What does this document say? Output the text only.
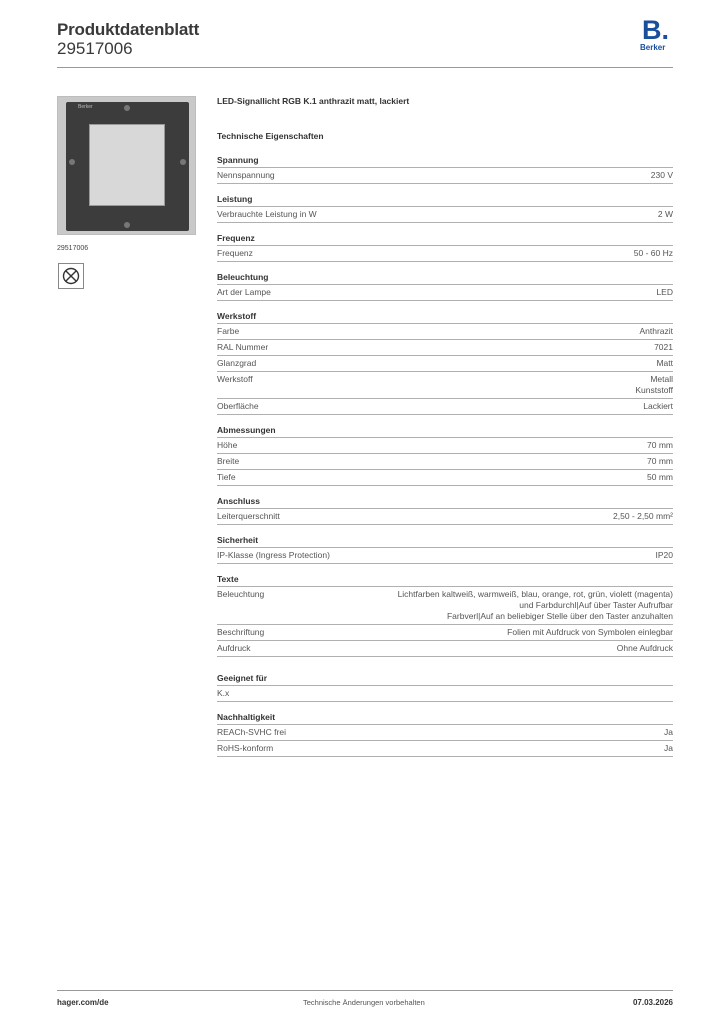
Produktdatenblatt
29517006
B.
Berker
Berker
29517006
LED-Signallicht RGB K.1 anthrazit matt, lackiert
Technische Eigenschaften
Spannung
Nennspannung	230 V
Leistung
Verbrauchte Leistung in W	2 W
Frequenz
Frequenz	50 - 60 Hz
Beleuchtung
Art der Lampe	LED
Werkstoff
Farbe	Anthrazit
RAL Nummer	7021
Glanzgrad	Matt
Werkstoff	Metall
Kunststoff
Oberfläche	Lackiert
Abmessungen
Höhe	70 mm
Breite	70 mm
Tiefe	50 mm
Anschluss
Leiterquerschnitt	2,50 - 2,50 mm²
Sicherheit
IP-Klasse (Ingress Protection)	IP20
Texte
Beleuchtung	Lichtfarben kaltweiß, warmweiß, blau, orange, rot, grün, violett (magenta)
und Farbdurchl|Auf über Taster Aufrufbar
Farbverl|Auf an beliebiger Stelle über den Taster anzuhalten
Beschriftung	Folien mit Aufdruck von Symbolen einlegbar
Aufdruck	Ohne Aufdruck
Geeignet für
K.x
Nachhaltigkeit
REACh-SVHC frei	Ja
RoHS-konform	Ja
hager.com/de	Technische Änderungen vorbehalten	07.03.2026
